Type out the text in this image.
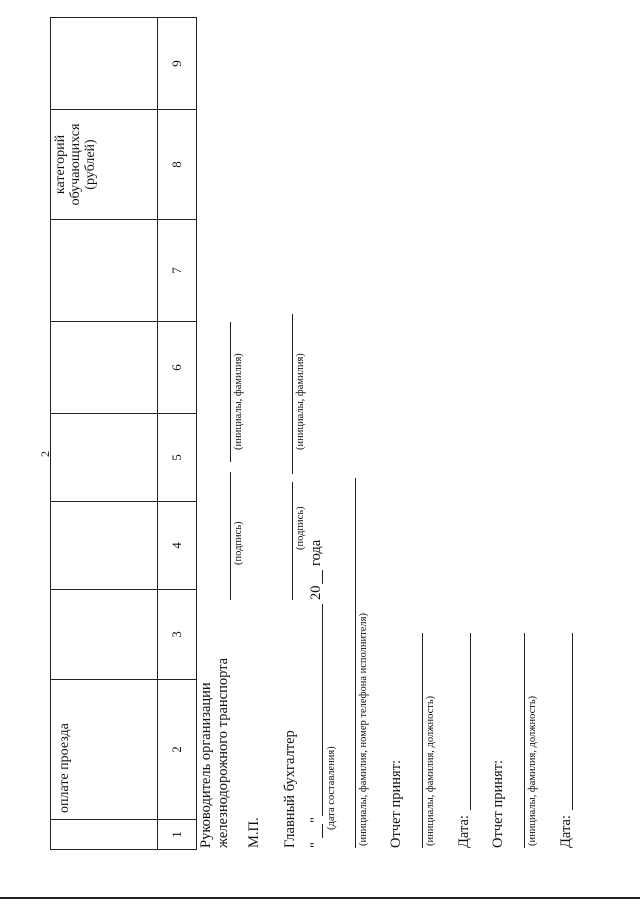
2

	оплате проезда						категорий обучающихся (рублей)	

1	2	3	4	5	6	7	8	9
Руководитель организации железнодорожного транспорта
(подпись)
(инициалы, фамилия)
М.П. Главный бухгалтер
(подпись)
(инициалы, фамилия)
"
"
20
года
(дата составления) (инициалы, фамилия, номер телефона исполнителя) Отчет принят: (инициалы, фамилия, должность) Дата: Отчет принят: (инициалы, фамилия, должность) Дата:
